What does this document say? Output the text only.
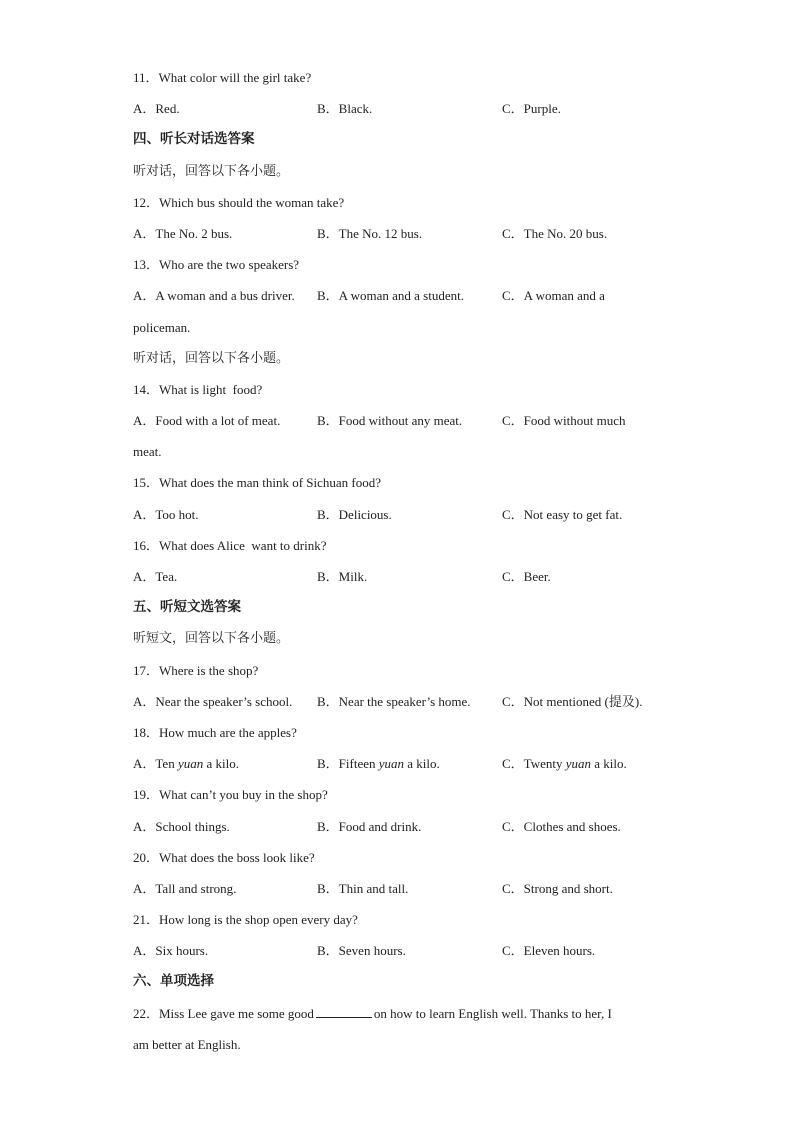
11．What color will the girl take?
A．Red.	B．Black.	C．Purple.
四、听长对话选答案
听对话，回答以下各小题。
12．Which bus should the woman take?
A．The No. 2 bus.	B．The No. 12 bus.	C．The No. 20 bus.
13．Who are the two speakers?
A．A woman and a bus driver. B．A woman and a student.	C．A woman and a
policeman.
听对话，回答以下各小题。
14．What is light  food?
A．Food with a lot of meat.	B．Food without any meat.	C．Food without much
meat.
15．What does the man think of Sichuan food?
A．Too hot.	B．Delicious.	C．Not easy to get fat.
16．What does Alice  want to drink?
A．Tea.	B．Milk.	C．Beer.
五、听短文选答案
听短文，回答以下各小题。
17．Where is the shop?
A．Near the speaker’s school. B．Near the speaker’s home. C．Not mentioned (提及).
18．How much are the apples?
A．Ten yuan a kilo.	B．Fifteen yuan a kilo.	C．Twenty yuan a kilo.
19．What can’t you buy in the shop?
A．School things.	B．Food and drink.	C．Clothes and shoes.
20．What does the boss look like?
A．Tall and strong.	B．Thin and tall.	C．Strong and short.
21．How long is the shop open every day?
A．Six hours.	B．Seven hours.	C．Eleven hours.
六、单项选择
22．Miss Lee gave me some good	on how to learn English well. Thanks to her, I
am better at English.
